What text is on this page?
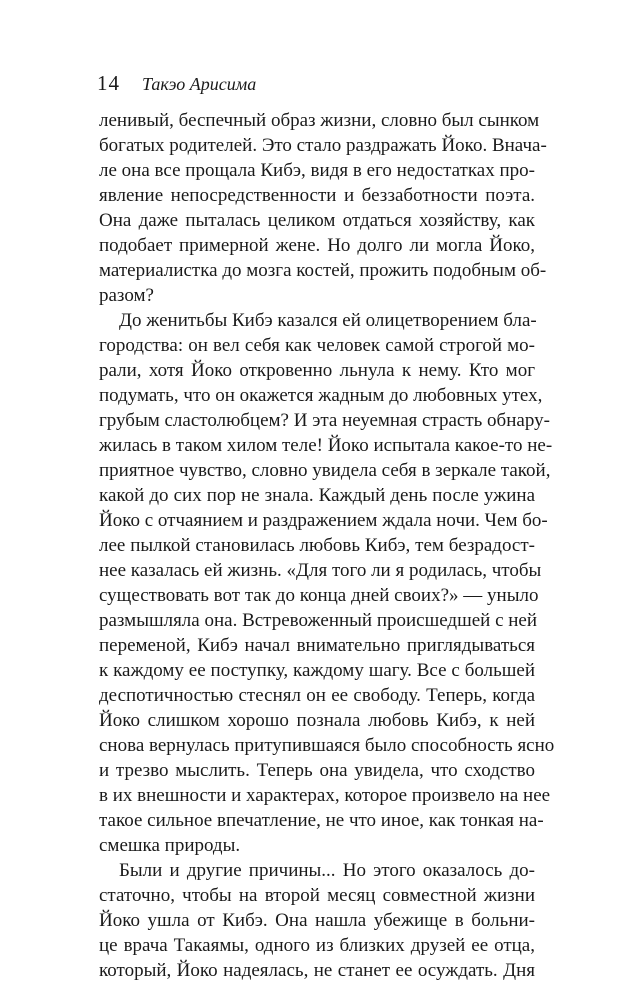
14 Такэо Арисима
ленивый, беспечный образ жизни, словно был сынком
богатых родителей. Это стало раздражать Йоко. Внача-
ле она все прощала Кибэ, видя в его недостатках про-
явление непосредственности и беззаботности поэта.
Она даже пыталась целиком отдаться хозяйству, как
подобает примерной жене. Но долго ли могла Йоко,
материалистка до мозга костей, прожить подобным об-
разом?
До женитьбы Кибэ казался ей олицетворением бла-
городства: он вел себя как человек самой строгой мо-
рали, хотя Йоко откровенно льнула к нему. Кто мог
подумать, что он окажется жадным до любовных утех,
грубым сластолюбцем? И эта неуемная страсть обнару-
жилась в таком хилом теле! Йоко испытала какое-то не-
приятное чувство, словно увидела себя в зеркале такой,
какой до сих пор не знала. Каждый день после ужина
Йоко с отчаянием и раздражением ждала ночи. Чем бо-
лее пылкой становилась любовь Кибэ, тем безрадост-
нее казалась ей жизнь. «Для того ли я родилась, чтобы
существовать вот так до конца дней своих?» — уныло
размышляла она. Встревоженный происшедшей с ней
переменой, Кибэ начал внимательно приглядываться
к каждому ее поступку, каждому шагу. Все с большей
деспотичностью стеснял он ее свободу. Теперь, когда
Йоко слишком хорошо познала любовь Кибэ, к ней
снова вернулась притупившаяся было способность ясно
и трезво мыслить. Теперь она увидела, что сходство
в их внешности и характерах, которое произвело на нее
такое сильное впечатление, не что иное, как тонкая на-
смешка природы.
Были и другие причины... Но этого оказалось до-
статочно, чтобы на второй месяц совместной жизни
Йоко ушла от Кибэ. Она нашла убежище в больни-
це врача Такаямы, одного из близких друзей ее отца,
который, Йоко надеялась, не станет ее осуждать. Дня
